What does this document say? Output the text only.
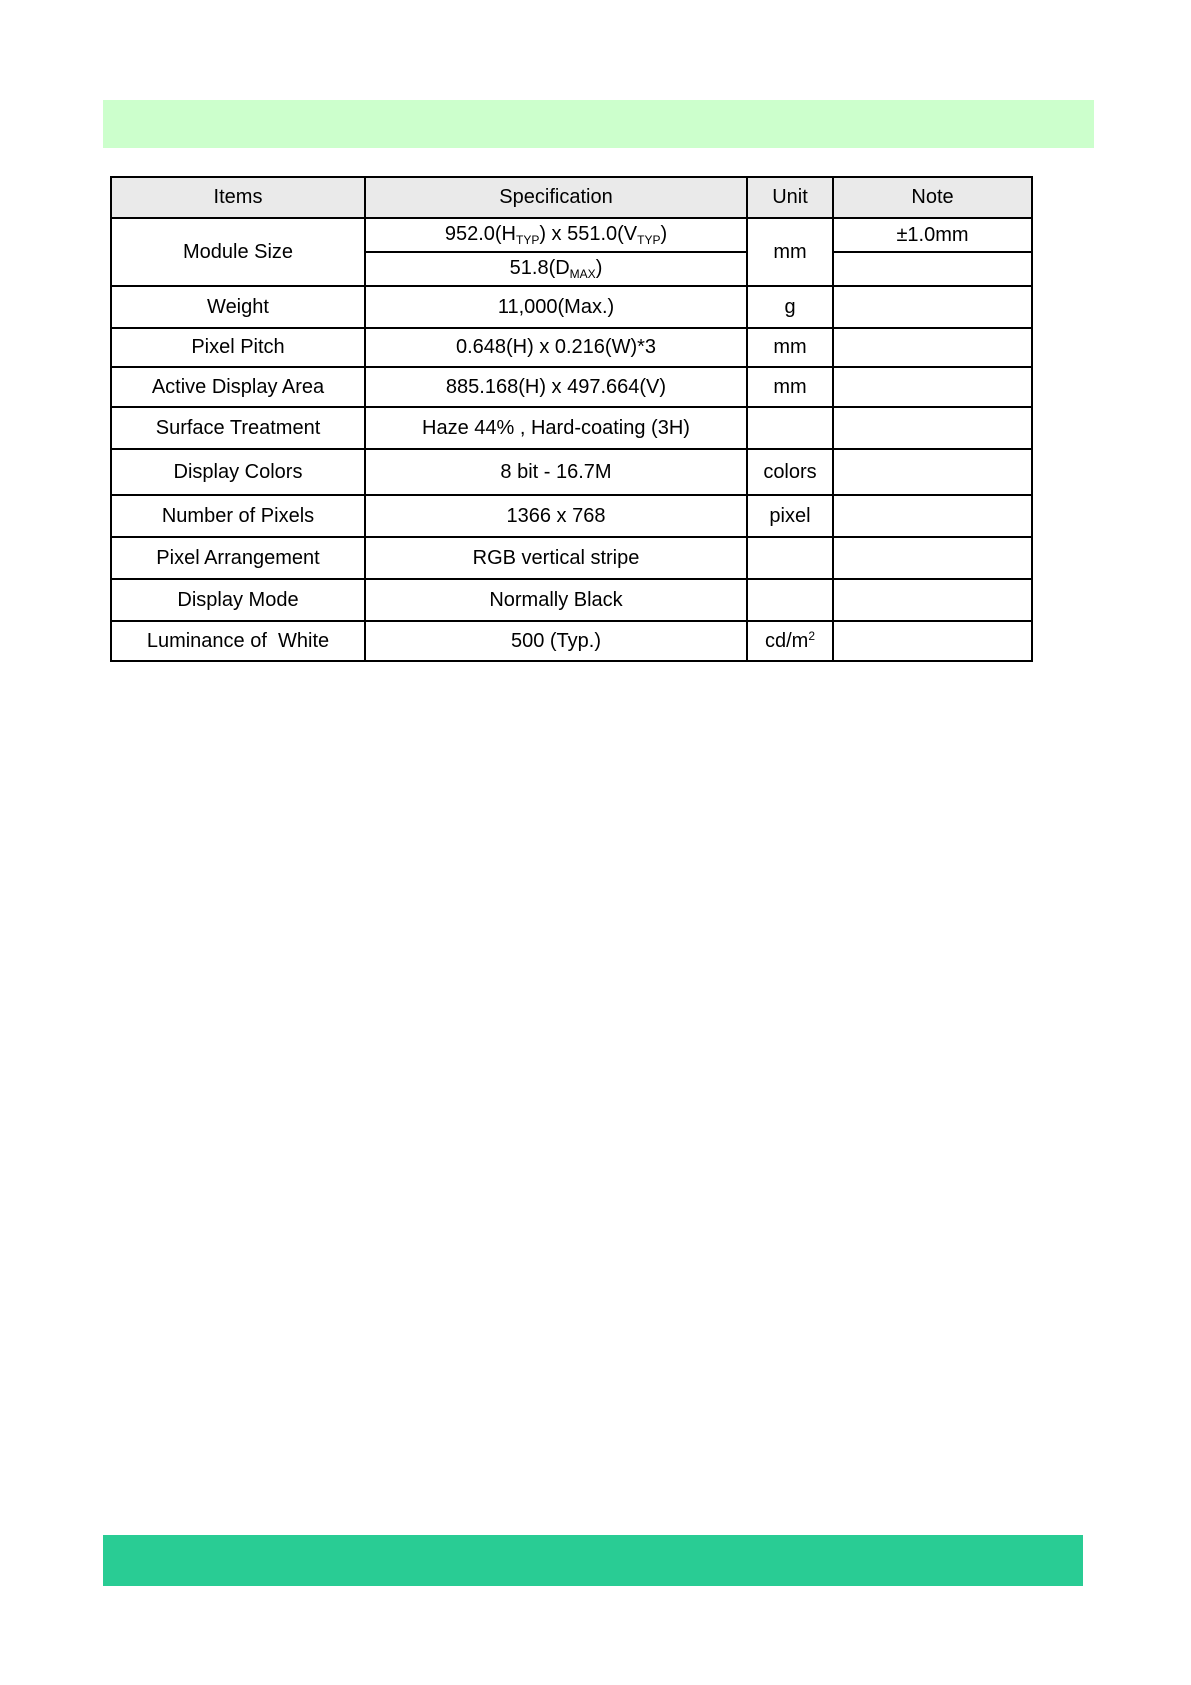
Items	Specification	Unit	Note
Module Size	$952.0(H_{TYP})$ x $551.0(V_{TYP})$	mm	±1.0mm
	$51.8(D_{MAX})$		
Weight	11,000(Max.)	g	
Pixel Pitch	0.648(H) x 0.216(W)*3	mm	
Active Display Area	885.168(H) x 497.664(V)	mm	
Surface Treatment	Haze 44% , Hard-coating (3H)		
Display Colors	8 bit - 16.7M	colors	
Number of Pixels	1366 x 768	pixel	
Pixel Arrangement	RGB vertical stripe		
Display Mode	Normally Black		
Luminance of  White	500 (Typ.)	$cd/m^2$	
